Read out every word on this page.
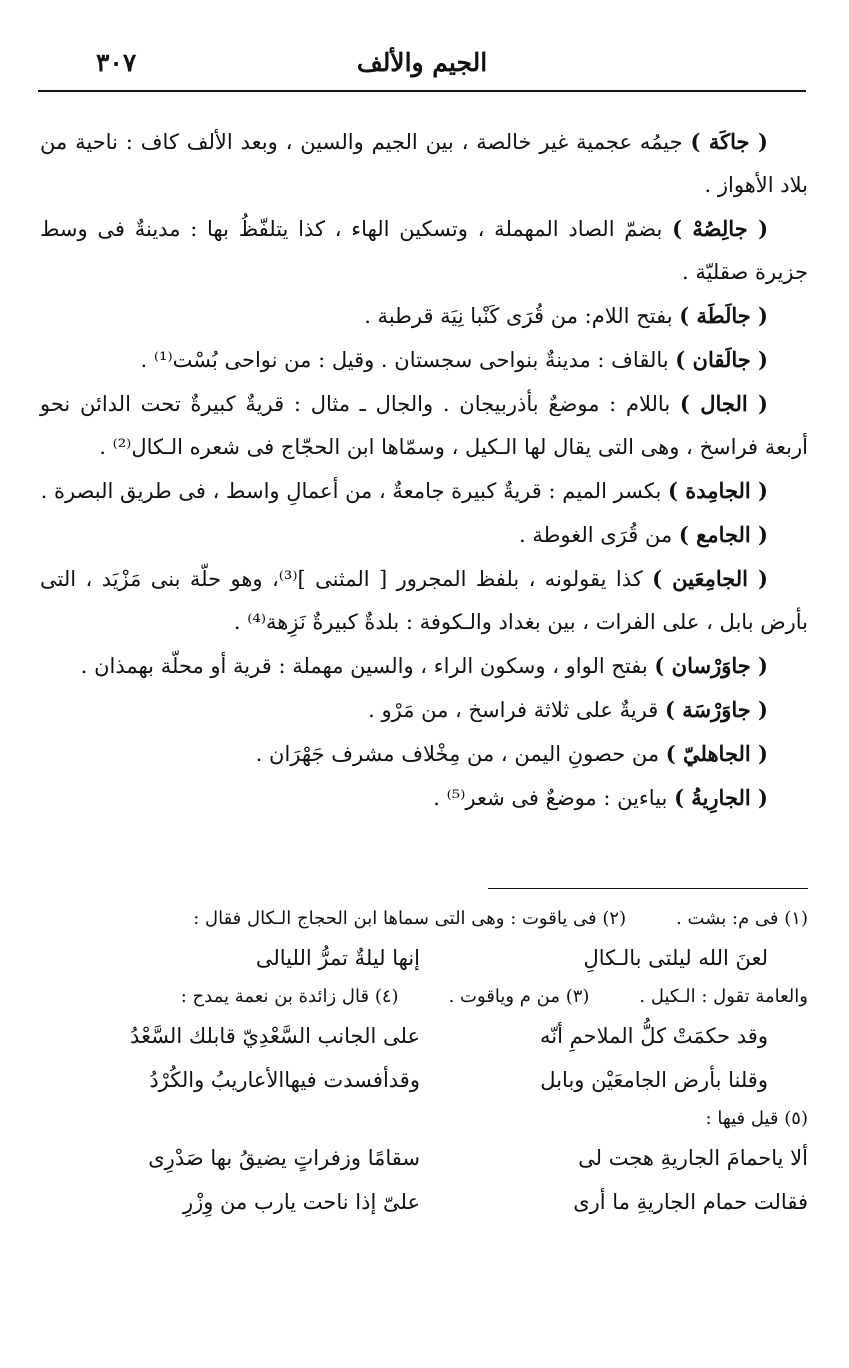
الجيم والألف
٣٠٧

( جاكَة ) جيمُه عجمية غير خالصة ، بين الجيم والسين ، وبعد الألف كاف : ناحية من بلاد الأهواز .

( جالِصُهْ ) بضمّ الصاد المهملة ، وتسكين الهاء ، كذا يتلفّظُ بها : مدينةٌ فى وسط جزيرة صقليّة .

( جالَطَة ) بفتح اللام: من قُرَى كَنْبا نِيَة قرطبة .

( جالَقان ) بالقاف : مدينةٌ بنواحى سجستان . وقيل : من نواحى بُسْت⁽¹⁾ .

( الجال ) باللام : موضعٌ بأذربيجان . والجال ـ مثال : قريةٌ كبيرةٌ تحت الدائن نحو أربعة فراسخ ، وهى التى يقال لها الـكيل ، وسمّاها ابن الحجّاج فى شعره الـكال⁽²⁾ .

( الجامِدة ) بكسر الميم : قريةٌ كبيرة جامعةٌ ، من أعمالِ واسط ، فى طريق البصرة .

( الجامع ) من قُرَى الغوطة .

( الجامِعَين ) كذا يقولونه ، بلفظ المجرور [ المثنى ]⁽³⁾، وهو حلّة بنى مَزْيَد ، التى بأرض بابل ، على الفرات ، بين بغداد والـكوفة : بلدةٌ كبيرةٌ نَزِهة⁽⁴⁾ .

( جاوَرْسان ) بفتح الواو ، وسكون الراء ، والسين مهملة : قرية أو محلّة بهمذان .

( جاوَرْسَة ) قريةٌ على ثلاثة فراسخ ، من مَرْو .

( الجاهليّ ) من حصونِ اليمن ، من مِخْلاف مشرف جَهْرَان .

( الجارِيةُ ) بياءين : موضعٌ فى شعر⁽⁵⁾ .

(١) فى م: بشت .
(٢) فى ياقوت : وهى التى سماها ابن الحجاج الـكال فقال :
لعنَ الله ليلتى بالـكالِ
إنها ليلةٌ تمرُّ الليالى
والعامة تقول : الـكيل .
(٣) من م وياقوت .
(٤) قال زائدة بن نعمة يمدح :
وقد حكمَتْ كلُّ الملاحمِ أنّه
على الجانب السَّعْدِيّ قابلك السَّعْدُ
وقلنا بأرض الجامعَيْن وبابل
وقدأفسدت فيهاالأعاريبُ والكُرْدُ
(٥) قيل فيها :
ألا ياحمامَ الجاريةِ هجت لى
سقامًا وزفراتٍ يضيقُ بها صَدْرِى
فقالت حمام الجاريةِ ما أرى
علىّ إذا ناحت يارب من وِزْرِ
